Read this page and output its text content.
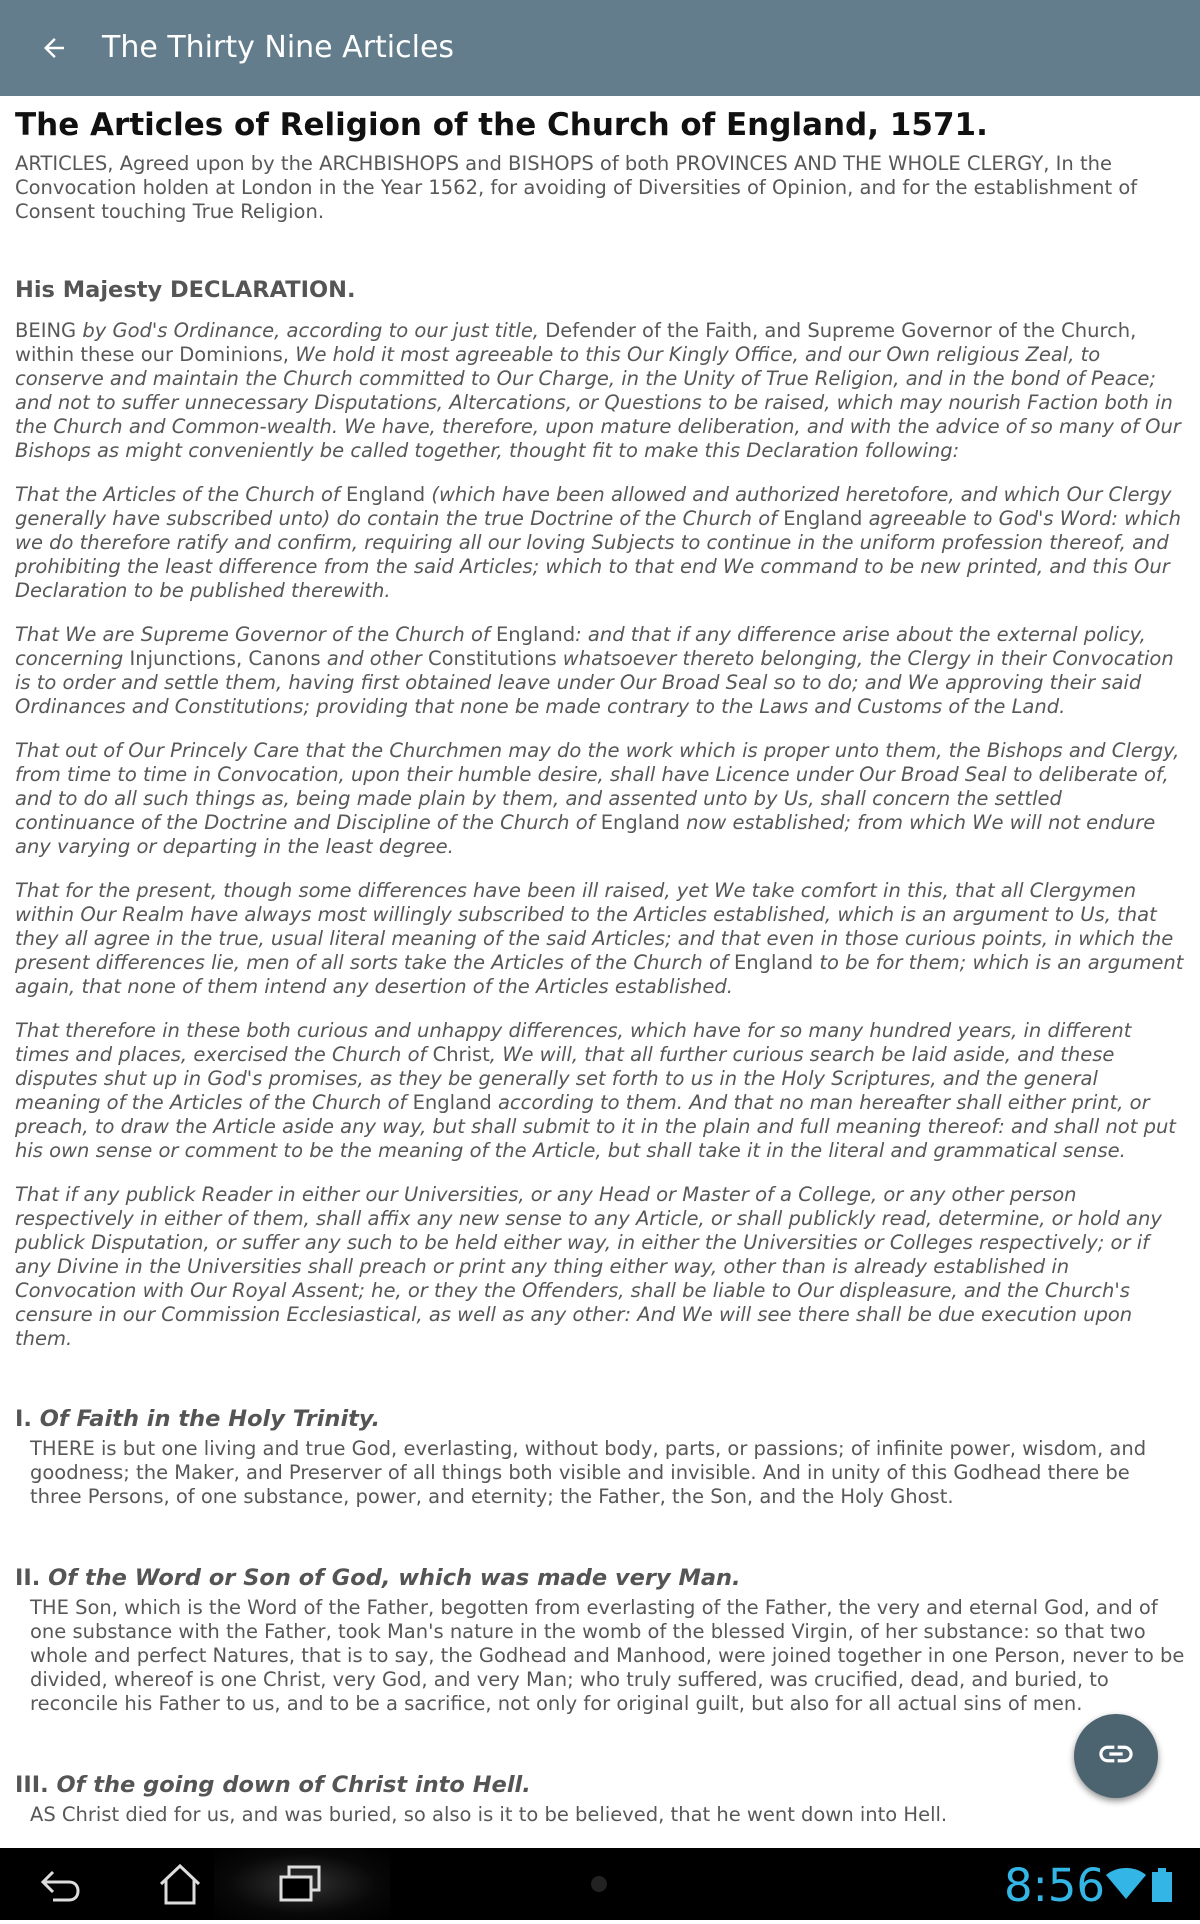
The Thirty Nine Articles
The Articles of Religion of the Church of England, 1571.

ARTICLES, Agreed upon by the ARCHBISHOPS and BISHOPS of both PROVINCES AND THE WHOLE CLERGY, In the Convocation holden at London in the Year 1562, for avoiding of Diversities of Opinion, and for the establishment of Consent touching True Religion.

His Majesty DECLARATION.

BEING by God's Ordinance, according to our just title, Defender of the Faith, and Supreme Governor of the Church, within these our Dominions, We hold it most agreeable to this Our Kingly Office, and our Own religious Zeal, to conserve and maintain the Church committed to Our Charge, in the Unity of True Religion, and in the bond of Peace; and not to suffer unnecessary Disputations, Altercations, or Questions to be raised, which may nourish Faction both in the Church and Common-wealth. We have, therefore, upon mature deliberation, and with the advice of so many of Our Bishops as might conveniently be called together, thought fit to make this Declaration following:

That the Articles of the Church of England (which have been allowed and authorized heretofore, and which Our Clergy generally have subscribed unto) do contain the true Doctrine of the Church of England agreeable to God's Word: which we do therefore ratify and confirm, requiring all our loving Subjects to continue in the uniform profession thereof, and prohibiting the least difference from the said Articles; which to that end We command to be new printed, and this Our Declaration to be published therewith.

That We are Supreme Governor of the Church of England: and that if any difference arise about the external policy, concerning Injunctions, Canons and other Constitutions whatsoever thereto belonging, the Clergy in their Convocation is to order and settle them, having first obtained leave under Our Broad Seal so to do; and We approving their said Ordinances and Constitutions; providing that none be made contrary to the Laws and Customs of the Land.

That out of Our Princely Care that the Churchmen may do the work which is proper unto them, the Bishops and Clergy, from time to time in Convocation, upon their humble desire, shall have Licence under Our Broad Seal to deliberate of, and to do all such things as, being made plain by them, and assented unto by Us, shall concern the settled continuance of the Doctrine and Discipline of the Church of England now established; from which We will not endure any varying or departing in the least degree.

That for the present, though some differences have been ill raised, yet We take comfort in this, that all Clergymen within Our Realm have always most willingly subscribed to the Articles established, which is an argument to Us, that they all agree in the true, usual literal meaning of the said Articles; and that even in those curious points, in which the present differences lie, men of all sorts take the Articles of the Church of England to be for them; which is an argument again, that none of them intend any desertion of the Articles established.

That therefore in these both curious and unhappy differences, which have for so many hundred years, in different times and places, exercised the Church of Christ, We will, that all further curious search be laid aside, and these disputes shut up in God's promises, as they be generally set forth to us in the Holy Scriptures, and the general meaning of the Articles of the Church of England according to them. And that no man hereafter shall either print, or preach, to draw the Article aside any way, but shall submit to it in the plain and full meaning thereof: and shall not put his own sense or comment to be the meaning of the Article, but shall take it in the literal and grammatical sense.

That if any publick Reader in either our Universities, or any Head or Master of a College, or any other person respectively in either of them, shall affix any new sense to any Article, or shall publickly read, determine, or hold any publick Disputation, or suffer any such to be held either way, in either the Universities or Colleges respectively; or if any Divine in the Universities shall preach or print any thing either way, other than is already established in Convocation with Our Royal Assent; he, or they the Offenders, shall be liable to Our displeasure, and the Church's censure in our Commission Ecclesiastical, as well as any other: And We will see there shall be due execution upon them.

I. Of Faith in the Holy Trinity.

THERE is but one living and true God, everlasting, without body, parts, or passions; of infinite power, wisdom, and goodness; the Maker, and Preserver of all things both visible and invisible. And in unity of this Godhead there be three Persons, of one substance, power, and eternity; the Father, the Son, and the Holy Ghost.

II. Of the Word or Son of God, which was made very Man.

THE Son, which is the Word of the Father, begotten from everlasting of the Father, the very and eternal God, and of one substance with the Father, took Man's nature in the womb of the blessed Virgin, of her substance: so that two whole and perfect Natures, that is to say, the Godhead and Manhood, were joined together in one Person, never to be divided, whereof is one Christ, very God, and very Man; who truly suffered, was crucified, dead, and buried, to reconcile his Father to us, and to be a sacrifice, not only for original guilt, but also for all actual sins of men.

III. Of the going down of Christ into Hell.

AS Christ died for us, and was buried, so also is it to be believed, that he went down into Hell.

8:56
